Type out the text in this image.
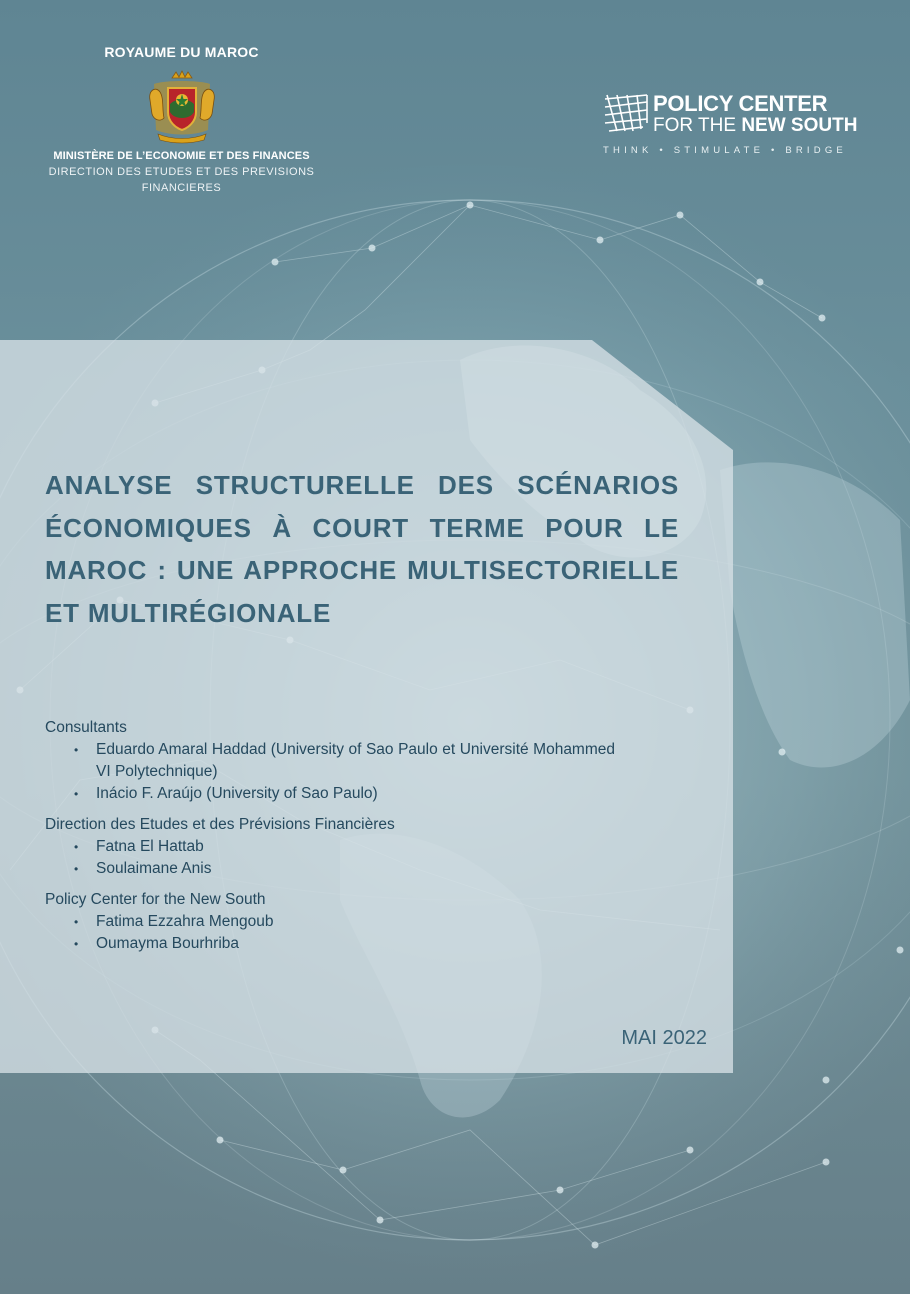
ROYAUME DU MAROC
MINISTÈRE DE L’ECONOMIE ET DES FINANCES
DIRECTION DES ETUDES ET DES PREVISIONS FINANCIERES
POLICY CENTER
FOR THE NEW SOUTH
THINK • STIMULATE • BRIDGE
ANALYSE STRUCTURELLE DES SCÉNARIOS ÉCONOMIQUES À COURT TERME POUR LE MAROC : UNE APPROCHE MULTISECTORIELLE ET MULTIRÉGIONALE

Consultants

• Eduardo Amaral Haddad (University of Sao Paulo et Université Mohammed VI Polytechnique)
• Inácio F. Araújo (University of Sao Paulo)

Direction des Etudes et des Prévisions Financières

• Fatna El Hattab
• Soulaimane Anis

Policy Center for the New South

• Fatima Ezzahra Mengoub
• Oumayma Bourhriba
MAI 2022
